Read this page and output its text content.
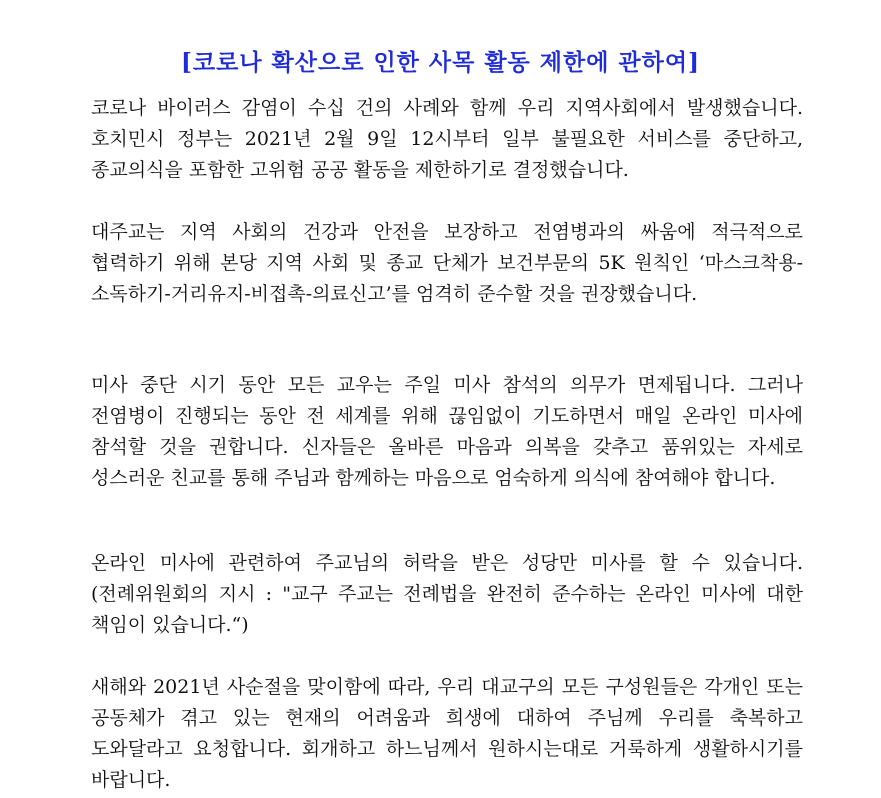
[코로나 확산으로 인한 사목 활동 제한에 관하여]

코로나 바이러스 감염이 수십 건의 사례와 함께 우리 지역사회에서 발생했습니다. 호치민시 정부는 2021년 2월 9일 12시부터 일부 불필요한 서비스를 중단하고, 종교의식을 포함한 고위험 공공 활동을 제한하기로 결정했습니다.

대주교는 지역 사회의 건강과 안전을 보장하고 전염병과의 싸움에 적극적으로 협력하기 위해 본당 지역 사회 및 종교 단체가 보건부문의 5K 원칙인 ‘마스크착용-소독하기-거리유지-비접촉-의료신고’를 엄격히 준수할 것을 권장했습니다.

미사 중단 시기 동안 모든 교우는 주일 미사 참석의 의무가 면제됩니다. 그러나 전염병이 진행되는 동안 전 세계를 위해 끊임없이 기도하면서 매일 온라인 미사에 참석할 것을 권합니다. 신자들은 올바른 마음과 의복을 갖추고 품위있는 자세로 성스러운 친교를 통해 주님과 함께하는 마음으로 엄숙하게 의식에 참여해야 합니다.

온라인 미사에 관련하여 주교님의 허락을 받은 성당만 미사를 할 수 있습니다. (전례위원회의 지시 : "교구 주교는 전례법을 완전히 준수하는 온라인 미사에 대한 책임이 있습니다.“)

새해와 2021년 사순절을 맞이함에 따라, 우리 대교구의 모든 구성원들은 각개인 또는 공동체가 겪고 있는 현재의 어려움과 희생에 대하여 주님께 우리를 축복하고 도와달라고 요청합니다. 회개하고 하느님께서 원하시는대로 거룩하게 생활하시기를 바랍니다.
